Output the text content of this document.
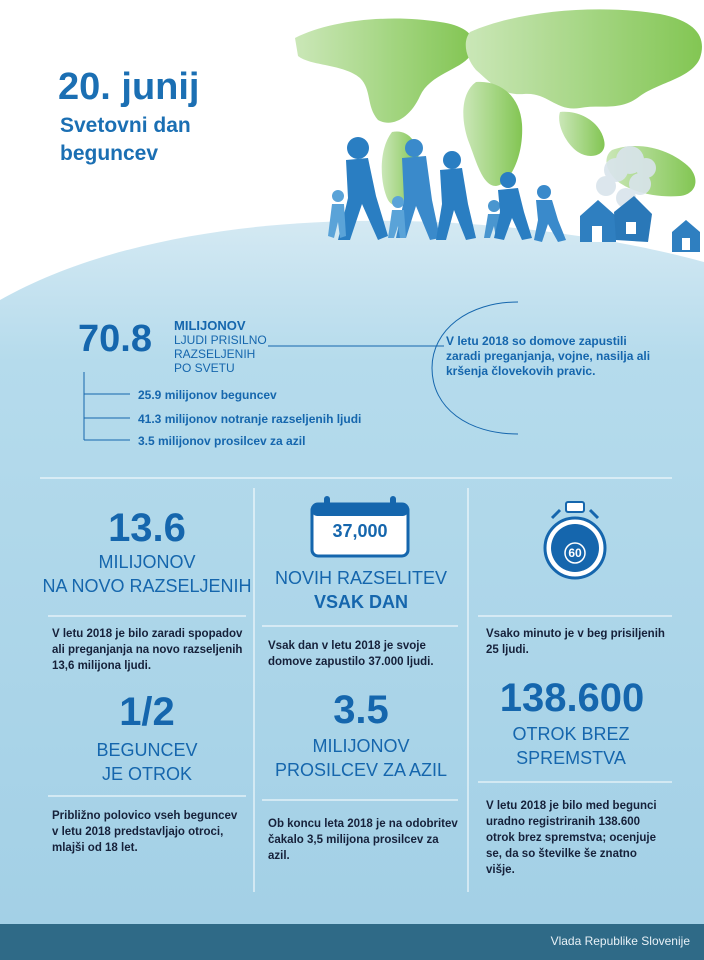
20. junij
Svetovni dan beguncev
70.8 MILIJONOV
LJUDI PRISILNO
RAZSELJENIH
PO SVETU
25.9 milijonov beguncev
41.3 milijonov notranje razseljenih ljudi
3.5 milijonov prosilcev za azil
V letu 2018 so domove zapustili zaradi preganjanja, vojne, nasilja ali kršenja človekovih pravic.
13.6
MILIJONOV
NA NOVO RAZSELJENIH
V letu 2018 je bilo zaradi spopadov ali preganjanja na novo razseljenih 13,6 milijona ljudi.
1/2
BEGUNCEV
JE OTROK
Približno polovico vseh beguncev v letu 2018 predstavljajo otroci, mlajši od 18 let.
37,000
NOVIH RAZSELITEV
VSAK DAN
Vsak dan v letu 2018 je svoje domove zapustilo 37.000 ljudi.
3.5
MILIJONOV
PROSILCEV ZA AZIL
Ob koncu leta 2018 je na odobritev čakalo 3,5 milijona prosilcev za azil.
60
Vsako minuto je v beg prisiljenih 25 ljudi.
138.600
OTROK BREZ
SPREMSTVA
V letu 2018 je bilo med begunci uradno registriranih 138.600 otrok brez spremstva; ocenjuje se, da so številke še znatno višje.
Vlada Republike Slovenije
